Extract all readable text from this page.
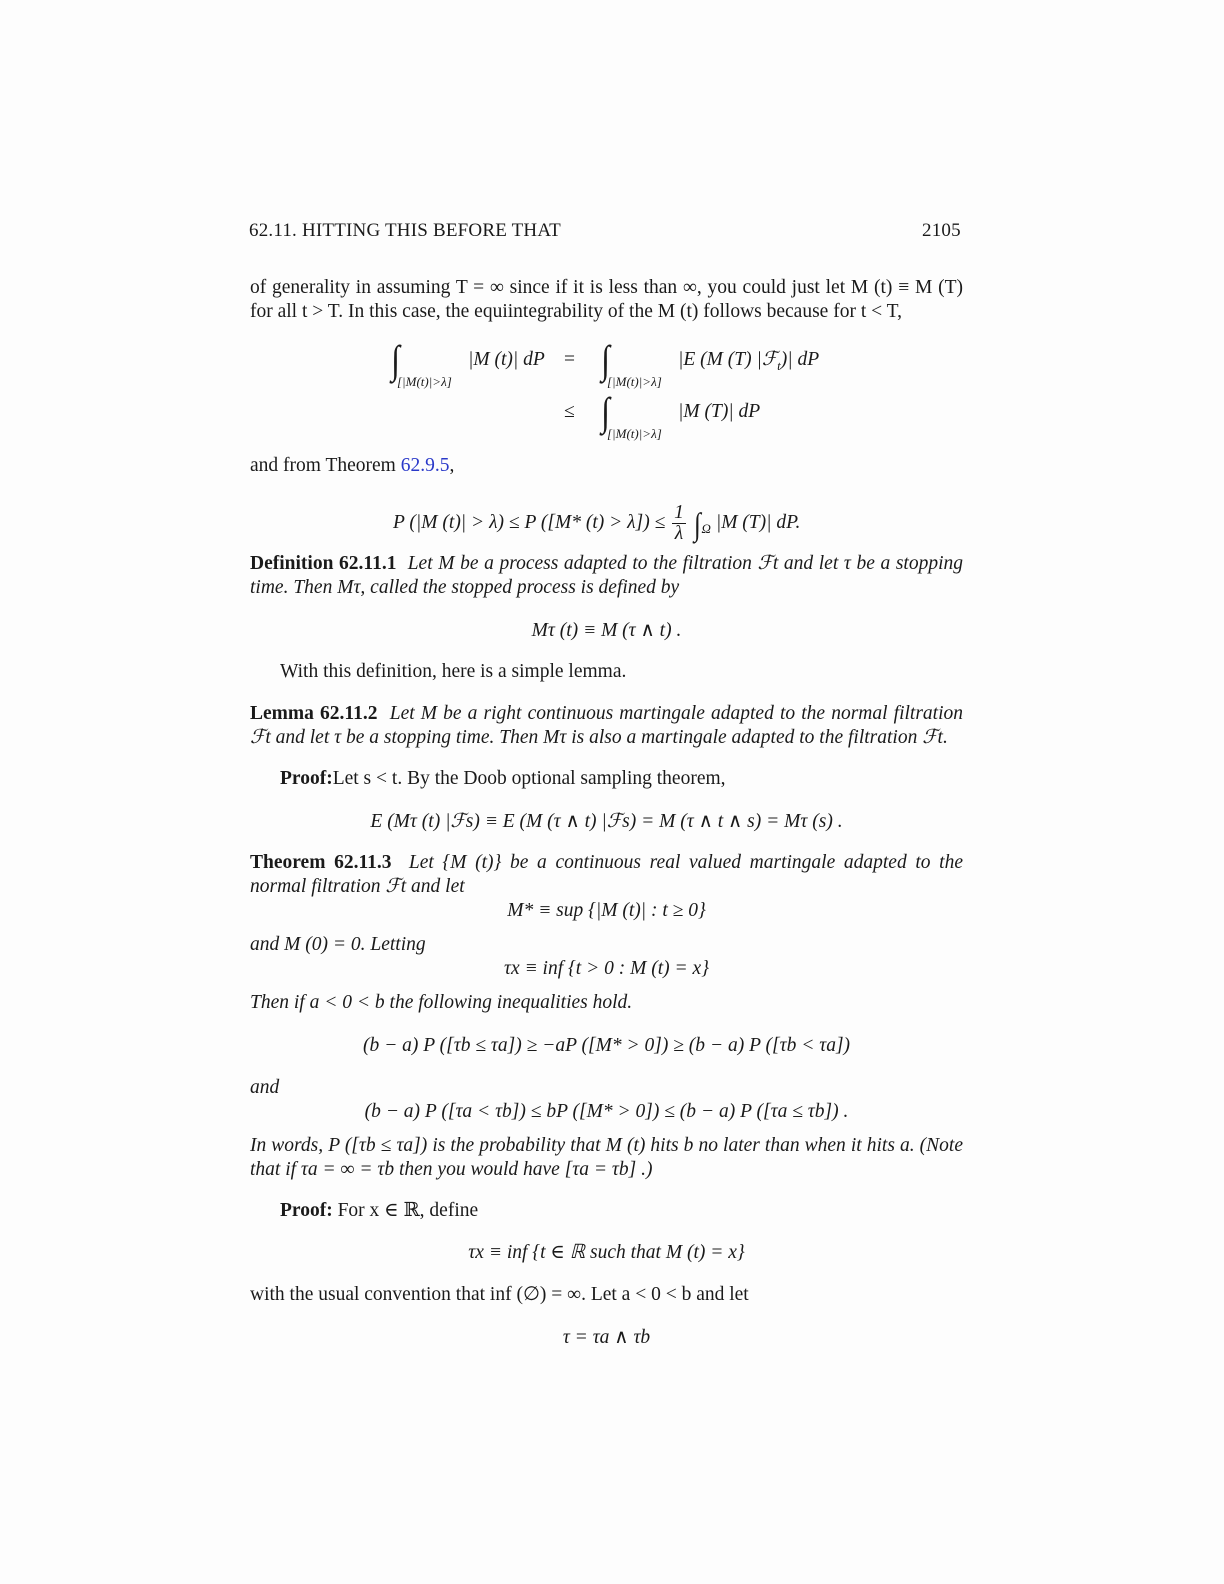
62.11. HITTING THIS BEFORE THAT	2105
of generality in assuming T = ∞ since if it is less than ∞, you could just let M (t) ≡ M (T) for all t > T. In this case, the equiintegrability of the M (t) follows because for t < T,
∫
[|M(t)|>λ]
|M (t)| dP = ∫
[|M(t)|>λ]
|E (M (T) |ℱ$_t$)| dP
≤ ∫
[|M(t)|>λ]
|M (T)| dP
and from Theorem 62.9.5,
P (|M (t)| > λ) ≤ P ([M* $(t) > \lambda]) \le \frac{1}{\lambda} \int_\Omega$ |M (T)| dP.
Definition 62.11.1 Let M be a process adapted to the filtration ℱt and let τ be a stopping time. Then Mτ, called the stopped process is defined by
Mτ (t) ≡ M (τ ∧ t) .
With this definition, here is a simple lemma.
Lemma 62.11.2 Let M be a right continuous martingale adapted to the normal filtration ℱt and let τ be a stopping time. Then Mτ is also a martingale adapted to the filtration ℱt.
Proof:Let s < t. By the Doob optional sampling theorem,
E (Mτ (t) |ℱs) ≡ E (M (τ ∧ t) |ℱs) = M (τ ∧ t ∧ s) = Mτ (s) .
Theorem 62.11.3 Let {M (t)} be a continuous real valued martingale adapted to the normal filtration ℱt and let
M* ≡ sup {|M (t)| : t ≥ 0}
and M (0) = 0. Letting
τx ≡ inf {t > 0 : M (t) = x}
Then if a < 0 < b the following inequalities hold.
(b − a) P ([τb ≤ τa]) ≥ −aP ([M* > 0]) ≥ (b − a) P ([τb < τa])
and
(b − a) P ([τa < τb]) ≤ bP ([M* > 0]) ≤ (b − a) P ([τa ≤ τb]) .
In words, P ([τb ≤ τa]) is the probability that M (t) hits b no later than when it hits a. (Note that if τa = ∞ = τb then you would have [τa = τb] .)
Proof: For x ∈ ℝ, define
τx ≡ inf {t ∈ ℝ such that M (t) = x}
with the usual convention that inf (∅) = ∞. Let a < 0 < b and let
τ = τa ∧ τb
